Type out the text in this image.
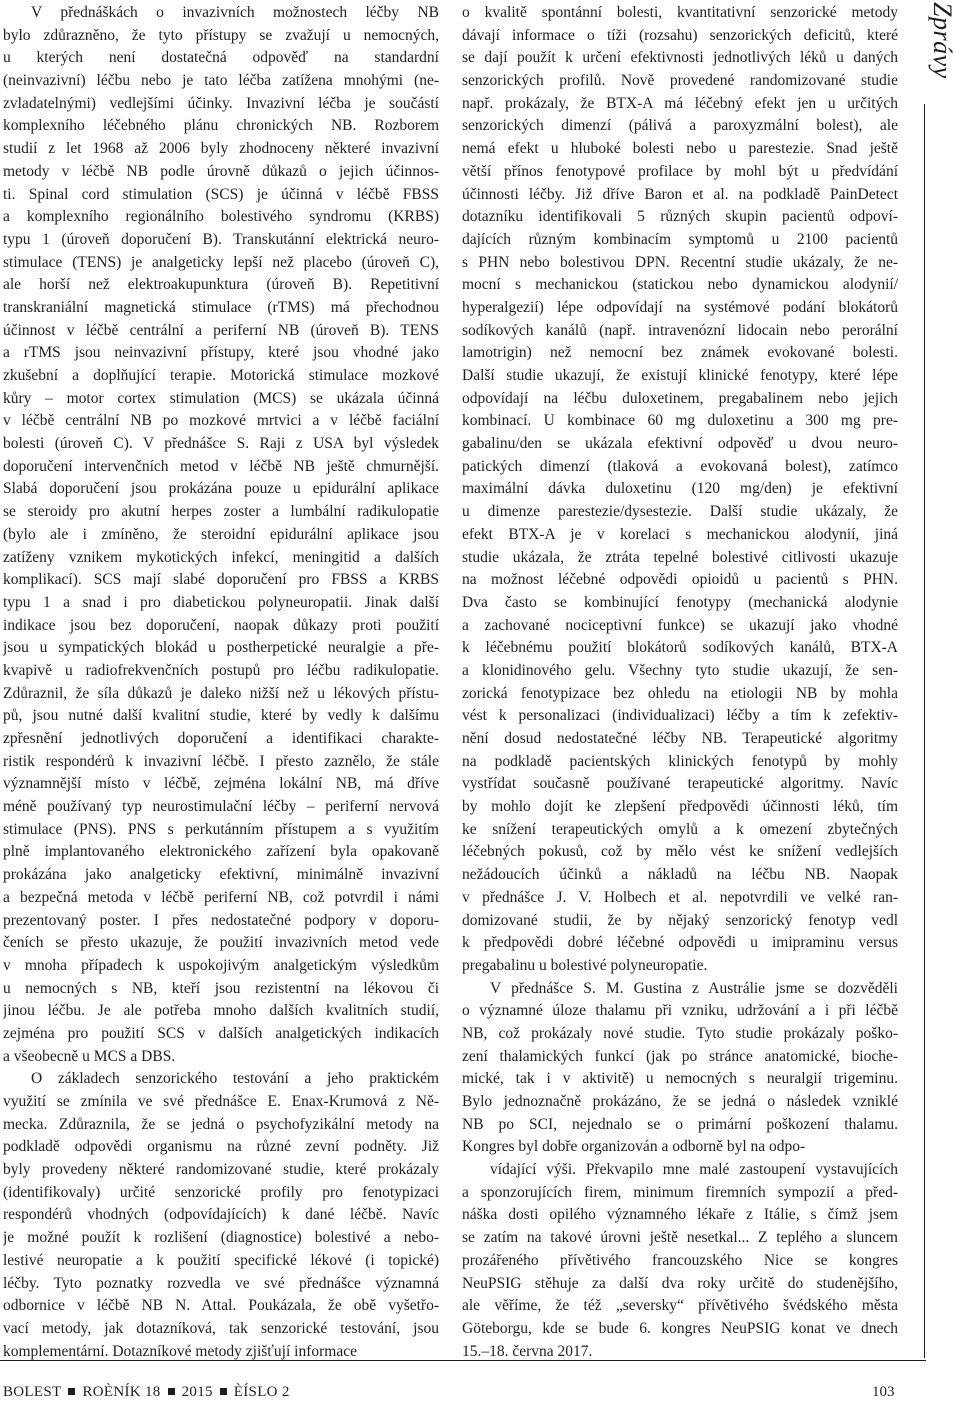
V přednáškách o invazivních možnostech léčby NB
bylo zdůrazněno, že tyto přístupy se zvažují u nemocných,
u kterých není dostatečná odpověď na standardní
(neinvazivní) léčbu nebo je tato léčba zatížena mnohými (ne-
zvladatelnými) vedlejšími účinky. Invazivní léčba je součástí
komplexního léčebného plánu chronických NB. Rozborem
studií z let 1968 až 2006 byly zhodnoceny některé invazivní
metody v léčbě NB podle úrovně důkazů o jejich účinnos-
ti. Spinal cord stimulation (SCS) je účinná v léčbě FBSS
a komplexního regionálního bolestivého syndromu (KRBS)
typu 1 (úroveň doporučení B). Transkutánní elektrická neuro-
stimulace (TENS) je analgeticky lepší než placebo (úroveň C),
ale horší než elektroakupunktura (úroveň B). Repetitivní
transkraniální magnetická stimulace (rTMS) má přechodnou
účinnost v léčbě centrální a periferní NB (úroveň B). TENS
a rTMS jsou neinvazivní přístupy, které jsou vhodné jako
zkušební a doplňující terapie. Motorická stimulace mozkové
kůry – motor cortex stimulation (MCS) se ukázala účinná
v léčbě centrální NB po mozkové mrtvici a v léčbě faciální
bolesti (úroveň C). V přednášce S. Raji z USA byl výsledek
doporučení intervenčních metod v léčbě NB ještě chmurnější.
Slabá doporučení jsou prokázána pouze u epidurální aplikace
se steroidy pro akutní herpes zoster a lumbální radikulopatie
(bylo ale i zmíněno, že steroidní epidurální aplikace jsou
zatíženy vznikem mykotických infekcí, meningitid a dalších
komplikací). SCS mají slabé doporučení pro FBSS a KRBS
typu 1 a snad i pro diabetickou polyneuropatii. Jinak další
indikace jsou bez doporučení, naopak důkazy proti použití
jsou u sympatických blokád u postherpetické neuralgie a pře-
kvapivě u radiofrekvenčních postupů pro léčbu radikulopatie.
Zdůraznil, že síla důkazů je daleko nižší než u lékových přístu-
pů, jsou nutné další kvalitní studie, které by vedly k dalšímu
zpřesnění jednotlivých doporučení a identifikaci charakte-
ristik respondérů k invazivní léčbě. I přesto zaznělo, že stále
významnější místo v léčbě, zejména lokální NB, má dříve
méně používaný typ neurostimulační léčby – periferní nervová
stimulace (PNS). PNS s perkutánním přístupem a s využitím
plně implantovaného elektronického zařízení byla opakovaně
prokázána jako analgeticky efektivní, minimálně invazivní
a bezpečná metoda v léčbě periferní NB, což potvrdil i námi
prezentovaný poster. I přes nedostatečné podpory v doporu-
čeních se přesto ukazuje, že použití invazivních metod vede
v mnoha případech k uspokojivým analgetickým výsledkům
u nemocných s NB, kteří jsou rezistentní na lékovou či
jinou léčbu. Je ale potřeba mnoho dalších kvalitních studií,
zejména pro použití SCS v dalších analgetických indikacích
a všeobecně u MCS a DBS.
O základech senzorického testování a jeho praktickém
využití se zmínila ve své přednášce E. Enax-Krumová z Ně-
mecka. Zdůraznila, že se jedná o psychofyzikální metody na
podkladě odpovědi organismu na různé zevní podněty. Již
byly provedeny některé randomizované studie, které prokázaly
(identifikovaly) určité senzorické profily pro fenotypizaci
respondérů vhodných (odpovídajících) k dané léčbě. Navíc
je možné použít k rozlišení (diagnostice) bolestivé a nebo-
lestivé neuropatie a k použití specifické lékové (i topické)
léčby. Tyto poznatky rozvedla ve své přednášce významná
odbornice v léčbě NB N. Attal. Poukázala, že obě vyšetřo-
vací metody, jak dotazníková, tak senzorické testování, jsou
komplementární. Dotazníkové metody zjišťují informace
o kvalitě spontánní bolesti, kvantitativní senzorické metody
dávají informace o tíži (rozsahu) senzorických deficitů, které
se dají použít k určení efektivnosti jednotlivých léků u daných
senzorických profilů. Nově provedené randomizované studie
např. prokázaly, že BTX-A má léčebný efekt jen u určitých
senzorických dimenzí (pálivá a paroxyzmální bolest), ale
nemá efekt u hluboké bolesti nebo u parestezie. Snad ještě
větší přínos fenotypové profilace by mohl být u předvídání
účinnosti léčby. Již dříve Baron et al. na podkladě PainDetect
dotazníku identifikovali 5 různých skupin pacientů odpoví-
dajících různým kombinacím symptomů u 2100 pacientů
s PHN nebo bolestivou DPN. Recentní studie ukázaly, že ne-
mocní s mechanickou (statickou nebo dynamickou alodynií/
hyperalgezií) lépe odpovídají na systémové podání blokátorů
sodíkových kanálů (např. intravenózní lidocain nebo perorální
lamotrigin) než nemocní bez známek evokované bolesti.
Další studie ukazují, že existují klinické fenotypy, které lépe
odpovídají na léčbu duloxetinem, pregabalinem nebo jejich
kombinací. U kombinace 60 mg duloxetinu a 300 mg pre-
gabalinu/den se ukázala efektivní odpověď u dvou neuro-
patických dimenzí (tlaková a evokovaná bolest), zatímco
maximální dávka duloxetinu (120 mg/den) je efektivní
u dimenze parestezie/dysestezie. Další studie ukázaly, že
efekt BTX-A je v korelaci s mechanickou alodynií, jiná
studie ukázala, že ztráta tepelné bolestivé citlivosti ukazuje
na možnost léčebné odpovědi opioidů u pacientů s PHN.
Dva často se kombinující fenotypy (mechanická alodynie
a zachované nociceptivní funkce) se ukazují jako vhodné
k léčebnému použití blokátorů sodíkových kanálů, BTX-A
a klonidinového gelu. Všechny tyto studie ukazují, že sen-
zorická fenotypizace bez ohledu na etiologii NB by mohla
vést k personalizaci (individualizaci) léčby a tím k zefektiv-
nění dosud nedostatečné léčby NB. Terapeutické algoritmy
na podkladě pacientských klinických fenotypů by mohly
vystřídat současně používané terapeutické algoritmy. Navíc
by mohlo dojít ke zlepšení předpovědi účinnosti léků, tím
ke snížení terapeutických omylů a k omezení zbytečných
léčebných pokusů, což by mělo vést ke snížení vedlejších
nežádoucích účinků a nákladů na léčbu NB. Naopak
v přednášce J. V. Holbech et al. nepotvrdili ve velké ran-
domizované studii, že by nějaký senzorický fenotyp vedl
k předpovědi dobré léčebné odpovědi u imipraminu versus
pregabalinu u bolestivé polyneuropatie.
V přednášce S. M. Gustina z Austrálie jsme se dozvěděli
o významné úloze thalamu při vzniku, udržování a i při léčbě
NB, což prokázaly nové studie. Tyto studie prokázaly poško-
zení thalamických funkcí (jak po stránce anatomické, bioche-
mické, tak i v aktivitě) u nemocných s neuralgií trigeminu.
Bylo jednoznačně prokázáno, že se jedná o následek vzniklé
NB po SCI, nejednalo se o primární poškození thalamu.
Kongres byl dobře organizován a odborně byl na odpo-
vídající výši. Překvapilo mne malé zastoupení vystavujících
a sponzorujících firem, minimum firemních sympozií a před-
náška dosti opilého významného lékaře z Itálie, s čímž jsem
se zatím na takové úrovni ještě nesetkal... Z teplého a sluncem
prozářeného přívětivého francouzského Nice se kongres
NeuPSIG stěhuje za další dva roky určitě do studenějšího,
ale věříme, že též „seversky“ přívětivého švédského města
Göteborgu, kde se bude 6. kongres NeuPSIG konat ve dnech
15.–18. června 2017.
Zprávy
BOLEST ROÈNÍK 18 2015 ÈÍSLO 2	103
